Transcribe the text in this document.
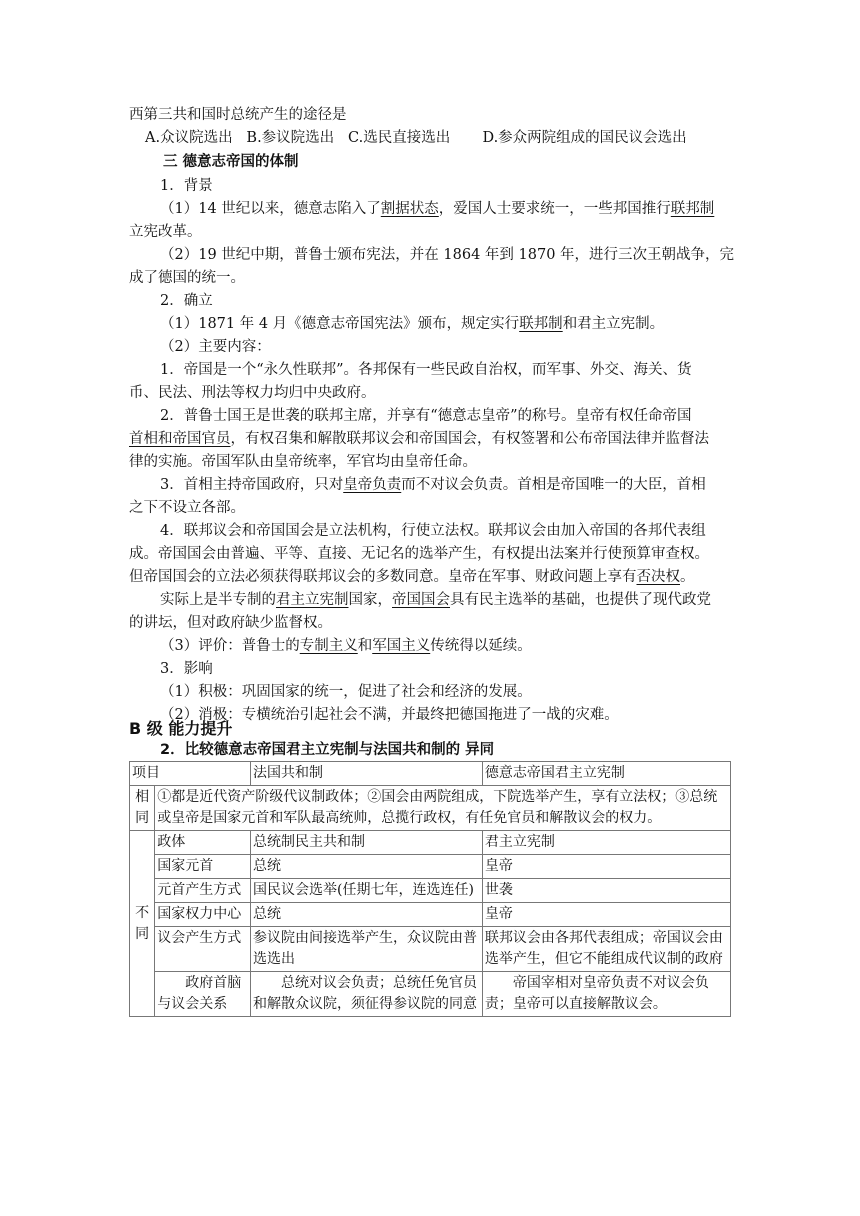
西第三共和国时总统产生的途径是
A.众议院选出 B.参议院选出 C.选民直接选出 D.参众两院组成的国民议会选出
三 德意志帝国的体制
1．背景
（1）14 世纪以来，德意志陷入了割据状态，爱国人士要求统一，一些邦国推行联邦制
立宪改革。
（2）19 世纪中期，普鲁士颁布宪法，并在 1864 年到 1870 年，进行三次王朝战争，完
成了德国的统一。
2．确立
（1）1871 年 4 月《德意志帝国宪法》颁布，规定实行联邦制和君主立宪制。
（2）主要内容：
1．帝国是一个“永久性联邦”。各邦保有一些民政自治权，而军事、外交、海关、货
币、民法、刑法等权力均归中央政府。
2．普鲁士国王是世袭的联邦主席，并享有“德意志皇帝”的称号。皇帝有权任命帝国
首相和帝国官员，有权召集和解散联邦议会和帝国国会，有权签署和公布帝国法律并监督法
律的实施。帝国军队由皇帝统率，军官均由皇帝任命。
3．首相主持帝国政府，只对皇帝负责而不对议会负责。首相是帝国唯一的大臣，首相
之下不设立各部。
4．联邦议会和帝国国会是立法机构，行使立法权。联邦议会由加入帝国的各邦代表组
成。帝国国会由普遍、平等、直接、无记名的选举产生，有权提出法案并行使预算审查权。
但帝国国会的立法必须获得联邦议会的多数同意。皇帝在军事、财政问题上享有否决权。
实际上是半专制的君主立宪制国家，帝国国会具有民主选举的基础，也提供了现代政党
的讲坛，但对政府缺少监督权。
（3）评价：普鲁士的专制主义和军国主义传统得以延续。
3．影响
（1）积极：巩固国家的统一，促进了社会和经济的发展。
（2）消极：专横统治引起社会不满，并最终把德国拖进了一战的灾难。
B 级 能力提升
2．比较德意志帝国君主立宪制与法国共和制的 异同
项目		法国共和制	德意志帝国君主立宪制
相同	①都是近代资产阶级代议制政体；②国会由两院组成，下院选举产生，享有立法权；③总统或皇帝是国家元首和军队最高统帅，总揽行政权，有任免官员和解散议会的权力。		
不同	政体	总统制民主共和制	君主立宪制
	国家元首	总统	皇帝
	元首产生方式	国民议会选举(任期七年，连选连任)	世袭
	国家权力中心	总统	皇帝
	议会产生方式	参议院由间接选举产生，众议院由普选选出	联邦议会由各邦代表组成；帝国议会由选举产生，但它不能组成代议制的政府
	政府首脑与议会关系	总统对议会负责；总统任免官员和解散众议院，须征得参议院的同意	帝国宰相对皇帝负责不对议会负责；皇帝可以直接解散议会。
